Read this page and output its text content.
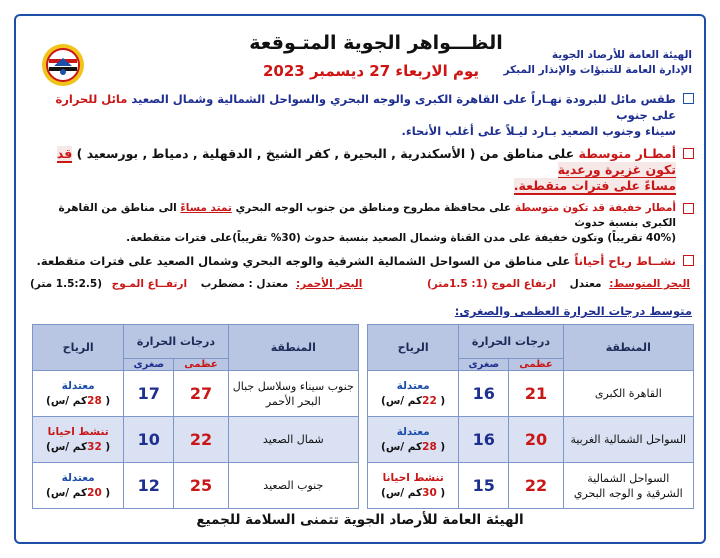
الظـــواهر الجوية المتـوقعة
يوم الاربعاء 27 ديسمبر 2023
الهيئة العامة للأرصاد الجوية
الإدارة العامة للتنبؤات والإنذار المبكر
طقس مائل للبرودة نهـاراً على القاهرة الكبرى والوجه البحري والسواحل الشمالية وشمال الصعيد مائل للحرارة على جنوب
سيناء وجنوب الصعيد بـارد ليـلاً على أغلب الأنحاء.
أمطـار متوسطة على مناطق من ( الأسكندرية , البحيرة , كفر الشيخ , الدقهلية , دمياط , بورسعيد ) قد تكون غزيرة ورعدية
مساءً على فترات متقطعة.
أمطار خفيفة قد تكون متوسطة على محافظة مطروح ومناطق من جنوب الوجه البحري تمتد مساءً الى مناطق من القاهرة الكبرى بنسبة حدوث
(40% تقريباً) وتكون خفيفة على مدن القناة وشمال الصعيد بنسبة حدوث (30% تقريباً)على فترات متقطعة.
نشــاط رياح أحياناً على مناطق من السواحل الشمالية الشرقية والوجه البحري وشمال الصعيد على فترات متقطعة.
البحر المتوسط: معتدل ارتفاع الموج (1: 1.5متر)
البحر الأحمر: معتدل : مضطرب ارتفــاع المـوج (1.5:2.5 متر)
متوسط درجات الحرارة العظمى والصغرى:
المنطقة	درجات الحرارة		الرياح
	عظمى	صغرى	
القاهرة الكبرى	21	16	معتدلة
( 22كم /س)

السواحل الشمالية الغربية	20	16	معتدلة
( 28كم /س)

السواحل الشمالية الشرقية و الوجه البحري	22	15	تنشط احيانا
( 30كم /س)
المنطقة	درجات الحرارة		الرياح
	عظمى	صغرى	
جنوب سيناء وسلاسل جبال البحر الأحمر	27	17	معتدلة
( 28كم /س)

شمال الصعيد	22	10	تنشط احيانا
( 32كم /س)

جنوب الصعيد	25	12	معتدلة
( 20كم /س)
الهيئة العامة للأرصاد الجوية تتمنى السلامة للجميع
